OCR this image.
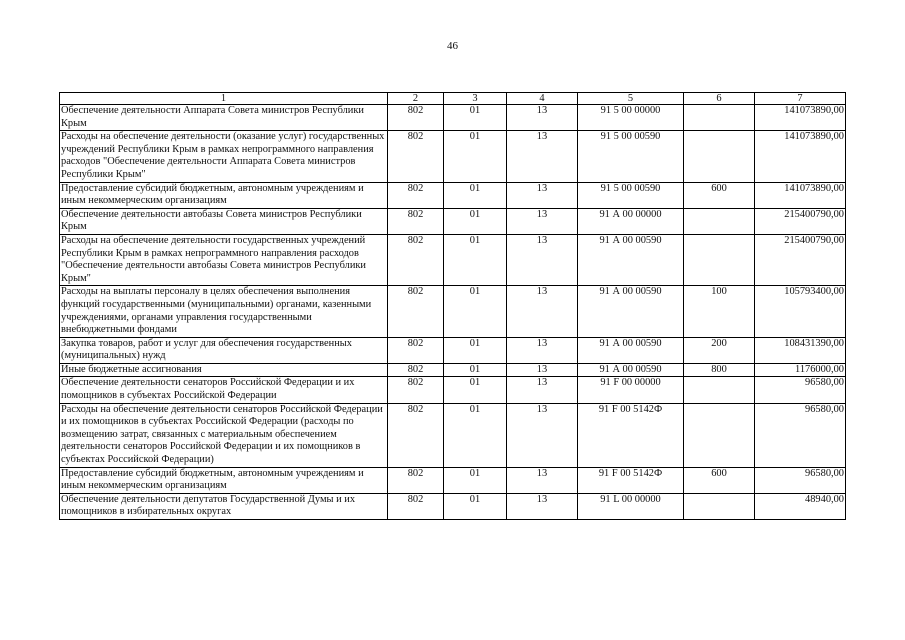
46
1	2	3	4	5	6	7
Обеспечение деятельности Аппарата Совета министров Республики Крым	802	01	13	91 5 00 00000		141073890,00
Расходы на обеспечение деятельности (оказание услуг) государственных учреждений Республики Крым в рамках непрограммного направления расходов "Обеспечение деятельности Аппарата Совета министров Республики Крым"	802	01	13	91 5 00 00590		141073890,00
Предоставление субсидий бюджетным, автономным учреждениям и иным некоммерческим организациям	802	01	13	91 5 00 00590	600	141073890,00
Обеспечение деятельности автобазы Совета министров Республики Крым	802	01	13	91 А 00 00000		215400790,00
Расходы на обеспечение деятельности государственных учреждений Республики Крым в рамках непрограммного направления расходов "Обеспечение деятельности автобазы Совета министров Республики Крым"	802	01	13	91 А 00 00590		215400790,00
Расходы на выплаты персоналу в целях обеспечения выполнения функций государственными (муниципальными) органами, казенными учреждениями, органами управления государственными внебюджетными фондами	802	01	13	91 А 00 00590	100	105793400,00
Закупка товаров, работ и услуг для обеспечения государственных (муниципальных) нужд	802	01	13	91 А 00 00590	200	108431390,00
Иные бюджетные ассигнования	802	01	13	91 А 00 00590	800	1176000,00
Обеспечение деятельности сенаторов Российской Федерации и их помощников в субъектах Российской Федерации	802	01	13	91 F 00 00000		96580,00
Расходы на обеспечение деятельности сенаторов Российской Федерации и их помощников в субъектах Российской Федерации (расходы по возмещению затрат, связанных с материальным обеспечением деятельности сенаторов Российской Федерации и их помощников в субъектах Российской Федерации)	802	01	13	91 F 00 5142Ф		96580,00
Предоставление субсидий бюджетным, автономным учреждениям и иным некоммерческим организациям	802	01	13	91 F 00 5142Ф	600	96580,00
Обеспечение деятельности депутатов Государственной Думы и их помощников в избирательных округах	802	01	13	91 L 00 00000		48940,00
